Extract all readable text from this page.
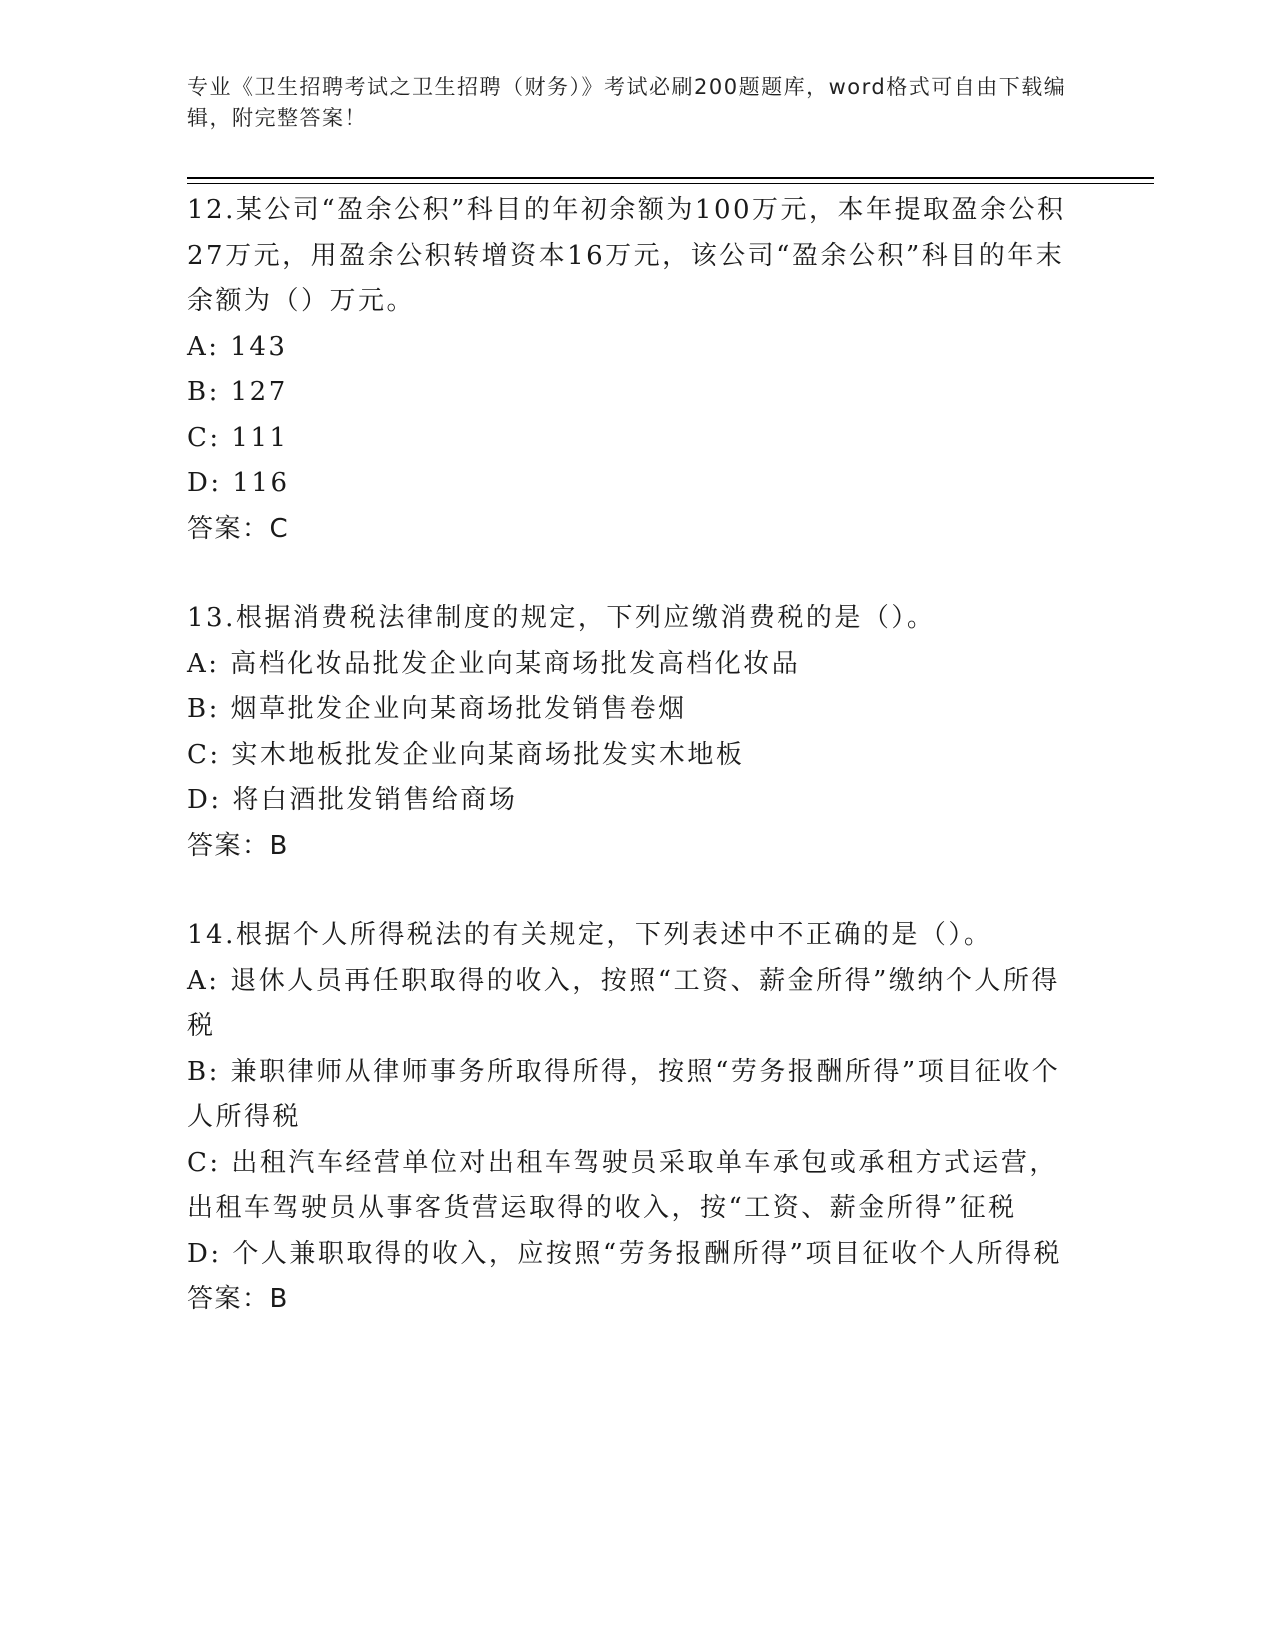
专业《卫生招聘考试之卫生招聘（财务）》考试必刷200题题库，word格式可自由下载编辑，附完整答案！

12.某公司“盈余公积”科目的年初余额为100万元，本年提取盈余公积27万元，用盈余公积转增资本16万元，该公司“盈余公积”科目的年末余额为（）万元。

A: 143

B: 127

C: 111

D: 116

答案：C

13.根据消费税法律制度的规定，下列应缴消费税的是（）。

A: 高档化妆品批发企业向某商场批发高档化妆品

B: 烟草批发企业向某商场批发销售卷烟

C: 实木地板批发企业向某商场批发实木地板

D: 将白酒批发销售给商场

答案：B

14.根据个人所得税法的有关规定，下列表述中不正确的是（）。

A: 退休人员再任职取得的收入，按照“工资、薪金所得”缴纳个人所得税

B: 兼职律师从律师事务所取得所得，按照“劳务报酬所得”项目征收个人所得税

C: 出租汽车经营单位对出租车驾驶员采取单车承包或承租方式运营，出租车驾驶员从事客货营运取得的收入，按“工资、薪金所得”征税

D: 个人兼职取得的收入，应按照“劳务报酬所得”项目征收个人所得税

答案：B
